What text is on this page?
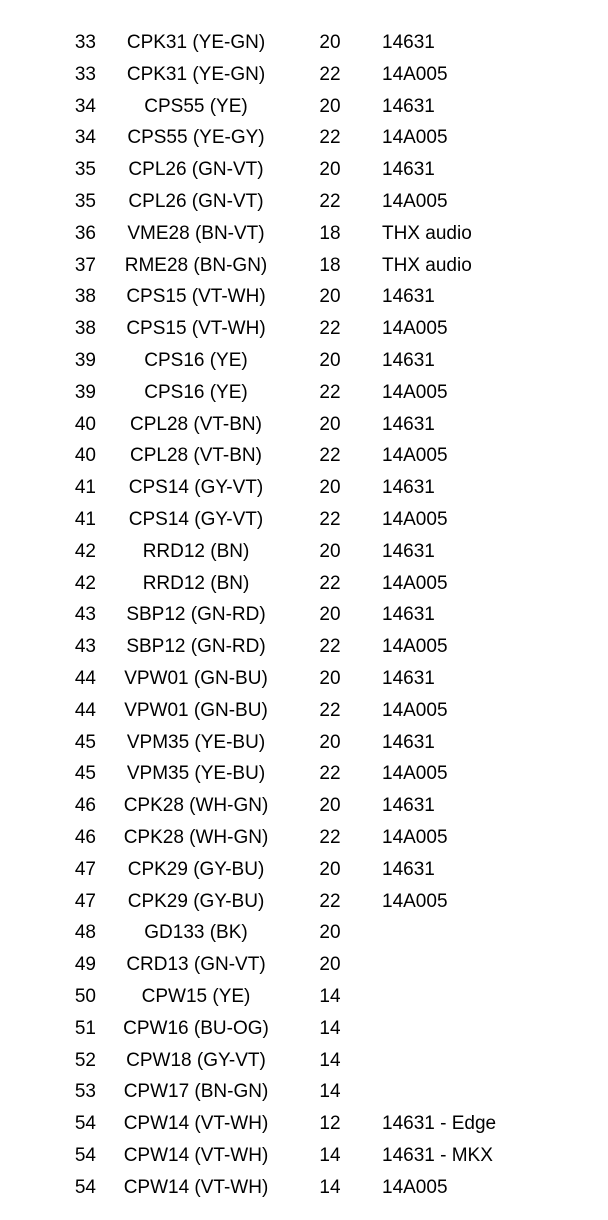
33	CPK31 (YE-GN)	20	14631
33	CPK31 (YE-GN)	22	14A005
34	CPS55 (YE)	20	14631
34	CPS55 (YE-GY)	22	14A005
35	CPL26 (GN-VT)	20	14631
35	CPL26 (GN-VT)	22	14A005
36	VME28 (BN-VT)	18	THX audio
37	RME28 (BN-GN)	18	THX audio
38	CPS15 (VT-WH)	20	14631
38	CPS15 (VT-WH)	22	14A005
39	CPS16 (YE)	20	14631
39	CPS16 (YE)	22	14A005
40	CPL28 (VT-BN)	20	14631
40	CPL28 (VT-BN)	22	14A005
41	CPS14 (GY-VT)	20	14631
41	CPS14 (GY-VT)	22	14A005
42	RRD12 (BN)	20	14631
42	RRD12 (BN)	22	14A005
43	SBP12 (GN-RD)	20	14631
43	SBP12 (GN-RD)	22	14A005
44	VPW01 (GN-BU)	20	14631
44	VPW01 (GN-BU)	22	14A005
45	VPM35 (YE-BU)	20	14631
45	VPM35 (YE-BU)	22	14A005
46	CPK28 (WH-GN)	20	14631
46	CPK28 (WH-GN)	22	14A005
47	CPK29 (GY-BU)	20	14631
47	CPK29 (GY-BU)	22	14A005
48	GD133 (BK)	20
49	CRD13 (GN-VT)	20
50	CPW15 (YE)	14
51	CPW16 (BU-OG)	14
52	CPW18 (GY-VT)	14
53	CPW17 (BN-GN)	14
54	CPW14 (VT-WH)	12	14631 - Edge
54	CPW14 (VT-WH)	14	14631 - MKX
54	CPW14 (VT-WH)	14	14A005
